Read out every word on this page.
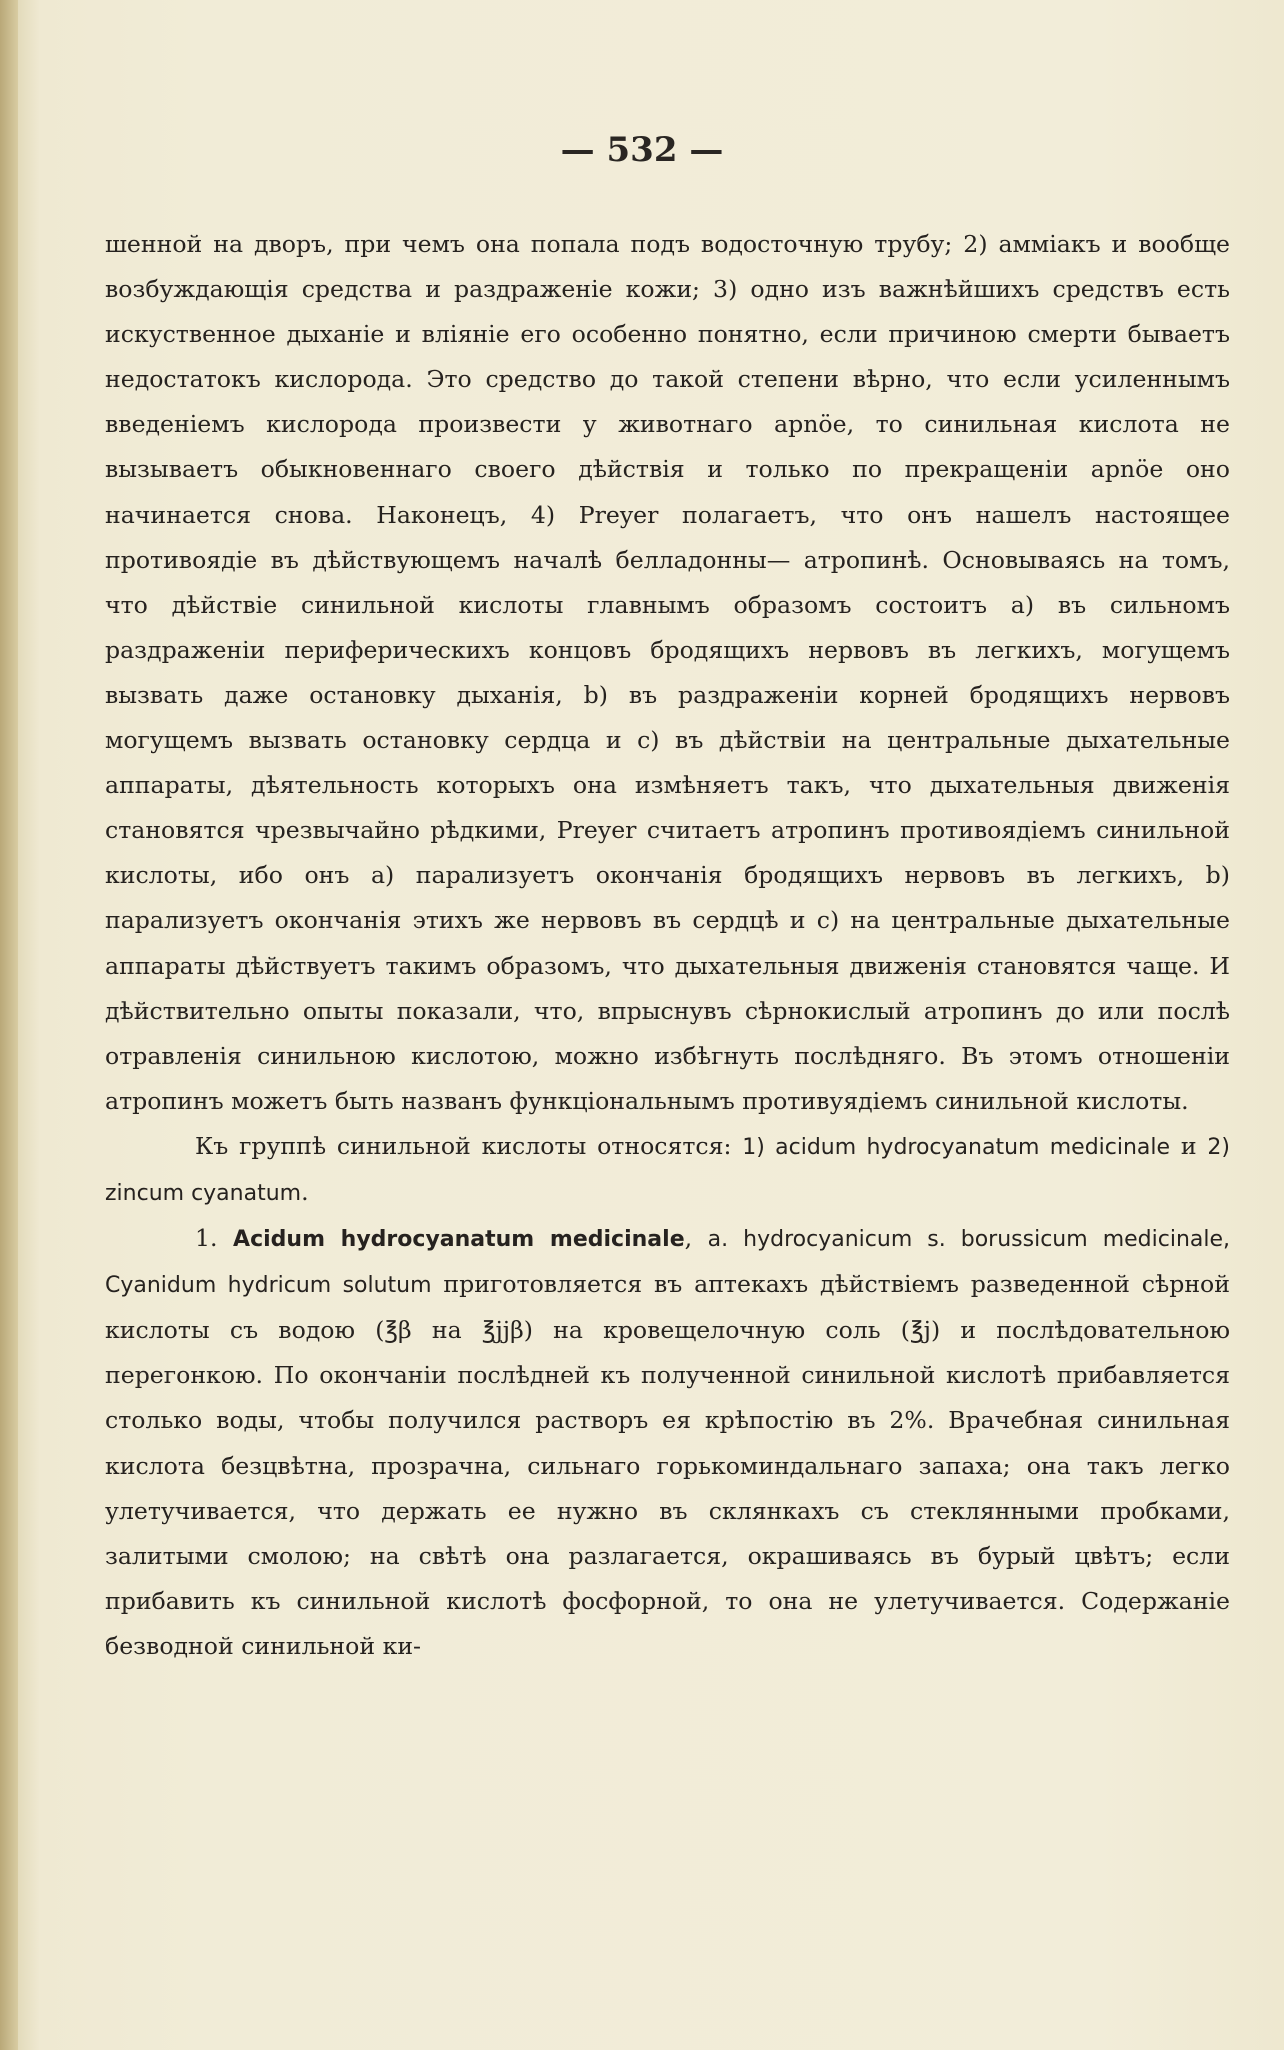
— 532 —

шенной на дворъ, при чемъ она попала подъ водосточную трубу; 2) амміакъ и вообще возбуждающія средства и раздраженіе кожи; 3) одно изъ важнѣйшихъ средствъ есть искуственное дыханіе и вліяніе его особенно понятно, если причиною смерти бываетъ недостатокъ кислорода. Это средство до такой степени вѣрно, что если усиленнымъ введеніемъ кислорода произвести у животнаго apnöe, то синильная кислота не вызываетъ обыкновеннаго своего дѣйствія и только по прекращеніи apnöe оно начинается снова. Наконецъ, 4) Preyer полагаетъ, что онъ нашелъ настоящее противоядіе въ дѣйствующемъ началѣ белладонны— атропинѣ. Основываясь на томъ, что дѣйствіе синильной кислоты главнымъ образомъ состоитъ a) въ сильномъ раздраженіи периферическихъ концовъ бродящихъ нервовъ въ легкихъ, могущемъ вызвать даже остановку дыханія, b) въ раздраженіи корней бродящихъ нервовъ могущемъ вызвать остановку сердца и c) въ дѣйствіи на центральные дыхательные аппараты, дѣятельность которыхъ она измѣняетъ такъ, что дыхательныя движенія становятся чрезвычайно рѣдкими, Preyer считаетъ атропинъ противоядіемъ синильной кислоты, ибо онъ a) парализуетъ окончанія бродящихъ нервовъ въ легкихъ, b) парализуетъ окончанія этихъ же нервовъ въ сердцѣ и c) на центральные дыхательные аппараты дѣйствуетъ такимъ образомъ, что дыхательныя движенія становятся чаще. И дѣйствительно опыты показали, что, впрыснувъ сѣрнокислый атропинъ до или послѣ отравленія синильною кислотою, можно избѣгнуть послѣдняго. Въ этомъ отношеніи атропинъ можетъ быть названъ функціональнымъ противуядіемъ синильной кислоты.

Къ группѣ синильной кислоты относятся: 1) acidum hydrocyanatum medicinale и 2) zincum cyanatum.

1. Acidum hydrocyanatum medicinale, a. hydrocyanicum s. borussicum medicinale, Cyanidum hydricum solutum приготовляется въ аптекахъ дѣйствіемъ разведенной сѣрной кислоты съ водою (℥β на ℥jjβ) на кровещелочную соль (℥j) и послѣдовательною перегонкою. По окончаніи послѣдней къ полученной синильной кислотѣ прибавляется столько воды, чтобы получился растворъ ея крѣпостію въ 2%. Врачебная синильная кислота безцвѣтна, прозрачна, сильнаго горькоминдальнаго запаха; она такъ легко улетучивается, что держать ее нужно въ склянкахъ съ стеклянными пробками, залитыми смолою; на свѣтѣ она разлагается, окрашиваясь въ бурый цвѣтъ; если прибавить къ синильной кислотѣ фосфорной, то она не улетучивается. Содержаніе безводной синильной ки-
